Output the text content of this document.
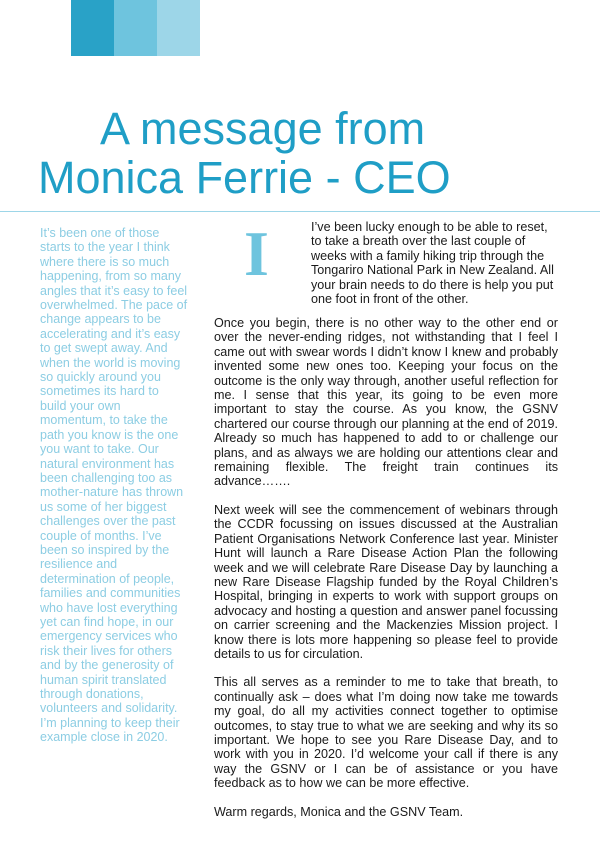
A message from
Monica Ferrie - CEO
It’s been one of those starts to the year I think where there is so much happening, from so many angles that it’s easy to feel overwhelmed. The pace of change appears to be accelerating and it’s easy to get swept away. And when the world is moving so quickly around you sometimes its hard to build your own momentum, to take the path you know is the one you want to take. Our natural environment has been challenging too as mother-nature has thrown us some of her biggest challenges over the past couple of months. I’ve been so inspired by the resilience and determination of people, families and communities who have lost everything yet can find hope, in our emergency services who risk their lives for others and by the generosity of human spirit translated through donations, volunteers and solidarity. I’m planning to keep their example close in 2020.
I	I’ve been lucky enough to be able to reset, to take a breath over the last couple of weeks with a family hiking trip through the Tongariro National Park in New Zealand. All your brain needs to do there is help you put one foot in front of the other.

Once you begin, there is no other way to the other end or over the never-ending ridges, not withstanding that I feel I came out with swear words I didn’t know I knew and probably invented some new ones too. Keeping your focus on the outcome is the only way through, another useful reflection for me. I sense that this year, its going to be even more important to stay the course. As you know, the GSNV chartered our course through our planning at the end of 2019. Already so much has happened to add to or challenge our plans, and as always we are holding our attentions clear and remaining flexible. The freight train continues its advance…….

Next week will see the commencement of webinars through the CCDR focussing on issues discussed at the Australian Patient Organisations Network Conference last year. Minister Hunt will launch a Rare Disease Action Plan the following week and we will celebrate Rare Disease Day by launching a new Rare Disease Flagship funded by the Royal Children’s Hospital, bringing in experts to work with support groups on advocacy and hosting a question and answer panel focussing on carrier screening and the Mackenzies Mission project. I know there is lots more happening so please feel to provide details to us for circulation.

This all serves as a reminder to me to take that breath, to continually ask – does what I’m doing now take me towards my goal, do all my activities connect together to optimise outcomes, to stay true to what we are seeking and why its so important. We hope to see you Rare Disease Day, and to work with you in 2020. I’d welcome your call if there is any way the GSNV or I can be of assistance or you have feedback as to how we can be more effective.

Warm regards, Monica and the GSNV Team.
